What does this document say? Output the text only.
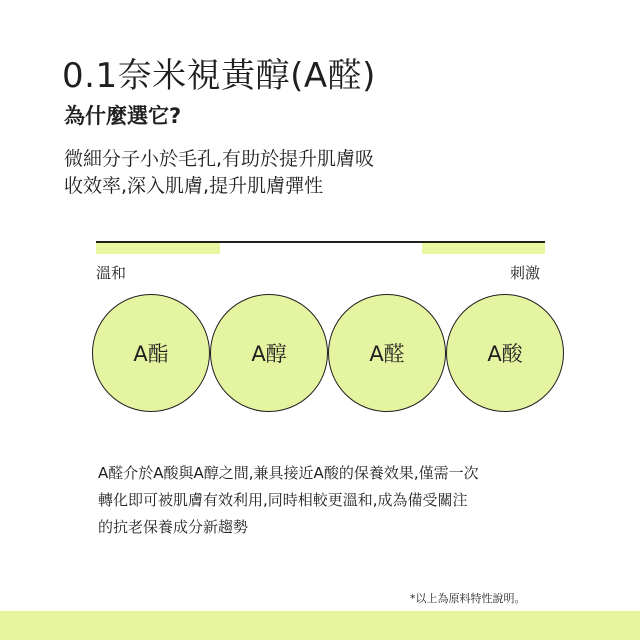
0.1奈米視黃醇(A醛)
為什麼選它?
微細分子小於毛孔,有助於提升肌膚吸
收效率,深入肌膚,提升肌膚彈性
溫和	刺激
A酯	A醇	A醛	A酸
A醛介於A酸與A醇之間,兼具接近A酸的保養效果,僅需一次
轉化即可被肌膚有效利用,同時相較更溫和,成為備受關注
的抗老保養成分新趨勢
*以上為原料特性說明。
